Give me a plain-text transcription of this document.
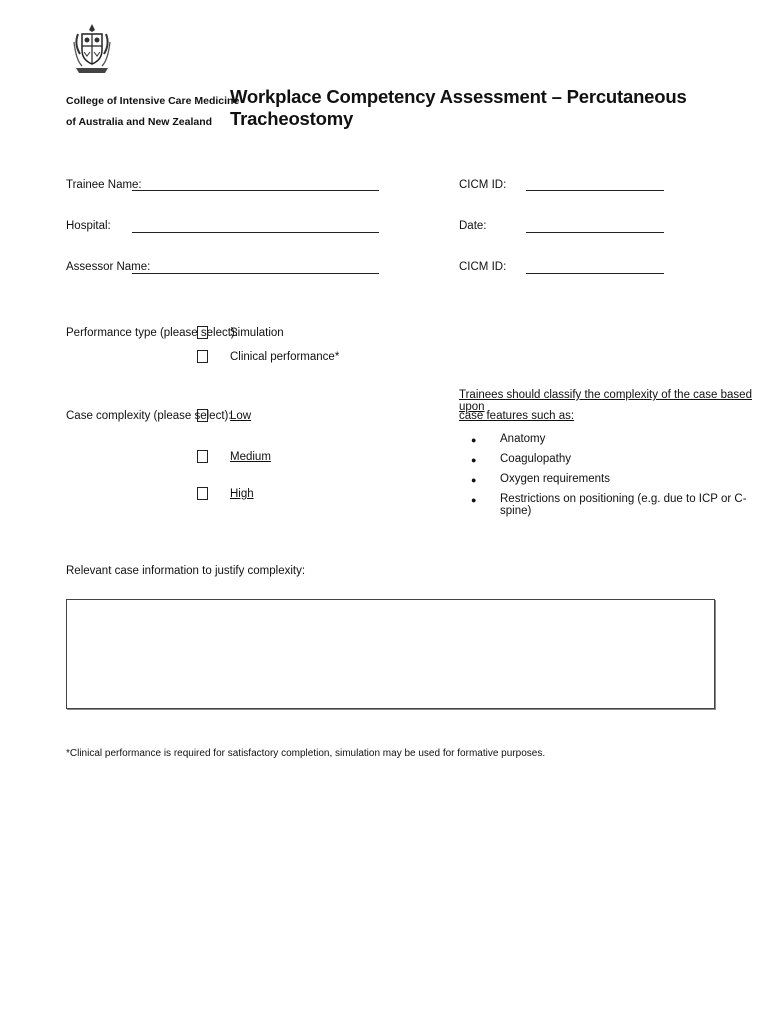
College of Intensive Care Medicine
of Australia and New Zealand
Workplace Competency Assessment – Percutaneous Tracheostomy
Trainee Name:
Hospital:
Assessor Name:
CICM ID:
Date:
CICM ID:
Performance type (please select):
Simulation
Clinical performance*
Case complexity (please select):
Low
Medium
High
Trainees should classify the complexity of the case based upon
case features such as:
● Anatomy
● Coagulopathy
● Oxygen requirements
● Restrictions on positioning (e.g. due to ICP or C-spine)
Relevant case information to justify complexity:
*Clinical performance is required for satisfactory completion, simulation may be used for formative purposes.
